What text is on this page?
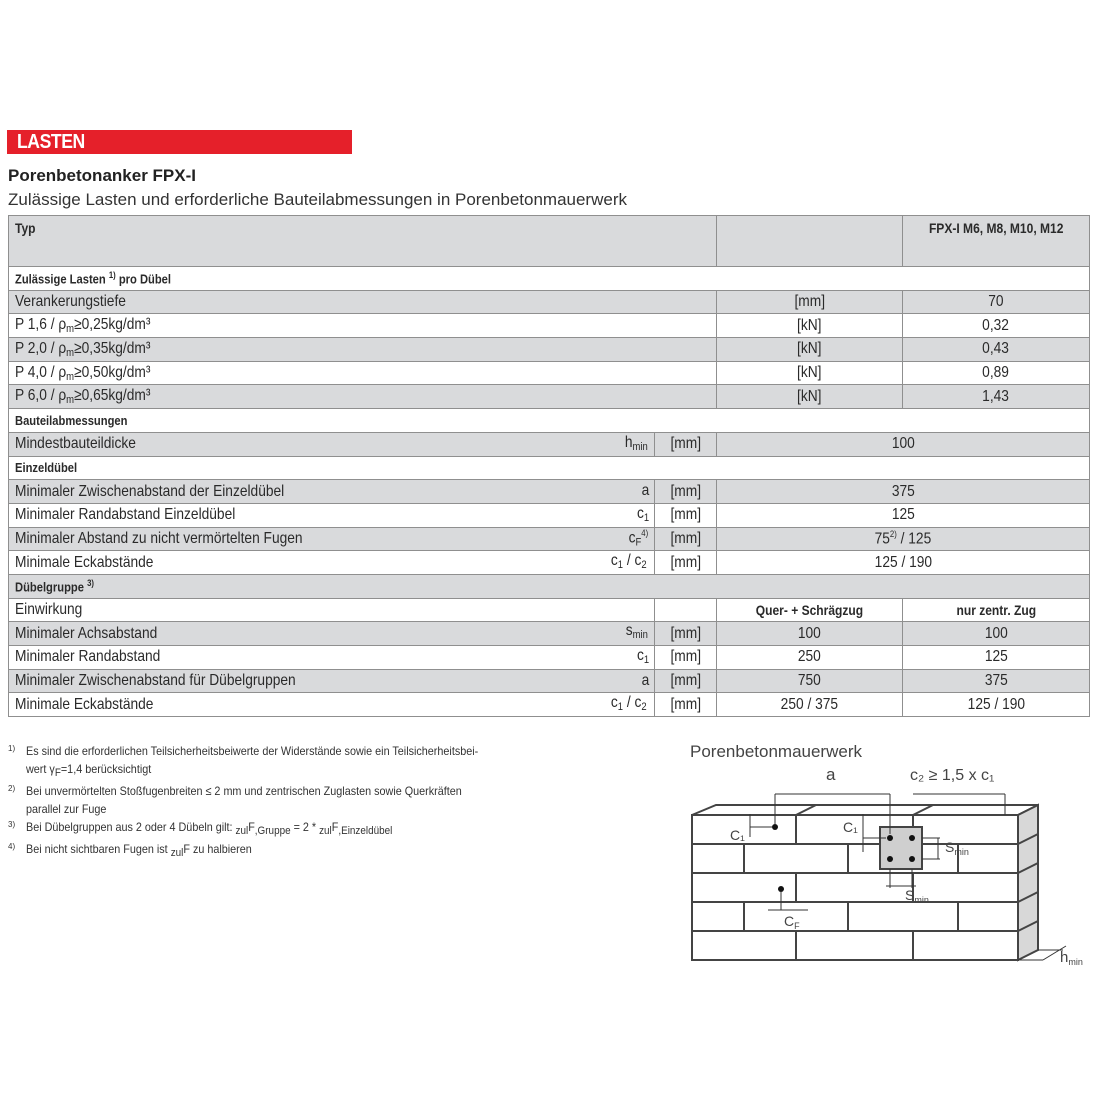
LASTEN
Porenbetonanker FPX-I
Zulässige Lasten und erforderliche Bauteilabmessungen in Porenbetonmauerwerk
Typ			FPX-I M6, M8, M10, M12
Zulässige Lasten $^{1)}$ pro Dübel			
Verankerungstiefe		[mm]	70
P $1,6 / \rho_m\ge 0,25kg$/dm³		[kN]	0,32
P $2,0 / \rho_m\ge 0,35kg$/dm³		[kN]	0,43
P $4,0 / \rho_m\ge 0,50kg$/dm³		[kN]	0,89
P $6,0 / \rho_m\ge 0,65kg$/dm³		[kN]	1,43
Bauteilabmessungen			
Mindestbauteildicke $h_{min}$	[mm]	100	
Einzeldübel			
Minimaler Zwischenabstand der Einzeldübel a	[mm]	375	
Minimaler Randabstand Einzeldübel $c_1$	[mm]	125	
Minimaler Abstand zu nicht vermörtelten Fugen $c_F^{4)}$	[mm]	75$^{2)}$ / 125	
Minimale Eckabstände $c_1 / c_2$	[mm]	125 / 190	
Dübelgruppe $^{3)}$
Einwirkung		Quer- + Schrägzug	nur zentr. Zug
Minimaler Achsabstand $s_{min}$	[mm]	100	100
Minimaler Randabstand $c_1$	[mm]	250	125
Minimaler Zwischenabstand für Dübelgruppen a	[mm]	750	375
Minimale Eckabstände $c_1 / c_2$	[mm]	250 / 375	125 / 190
1) Es sind die erforderlichen Teilsicherheitsbeiwerte der Widerstände sowie ein Teilsicherheitsbei-
wert $\gamma_F=1,4$ berücksichtigt
2) Bei unvermörtelten Stoßfugenbreiten ≤ 2 mm und zentrischen Zuglasten sowie Querkräften
parallel zur Fuge
3) Bei Dübelgruppen aus 2 oder 4 Dübeln gilt: $_{zul}F_{,Gruppe} = 2 * _{zul}F_{,Einzeldübel}$
4) Bei nicht sichtbaren Fugen ist $_{zul}$F zu halbieren
Porenbetonmauerwerk
a	c₂ ≥ 1,5 x c₁
C₁	C₁
$S_{min}$
$S_{min}$
$C_F$
$h_{min}$
